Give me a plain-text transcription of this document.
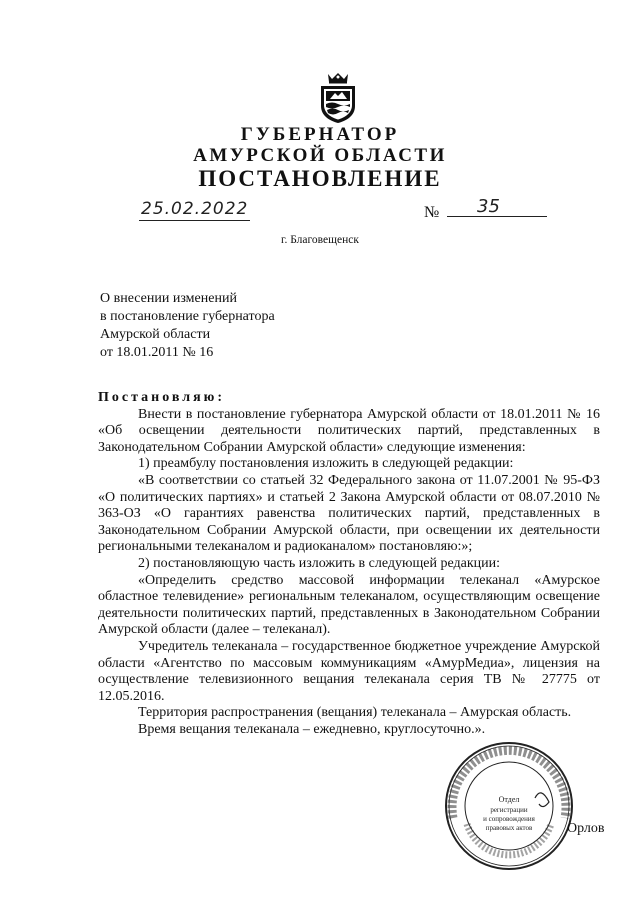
ГУБЕРНАТОР
АМУРСКОЙ ОБЛАСТИ
ПОСТАНОВЛЕНИЕ
25.02.2022	№ 35
г. Благовещенск
О внесении изменений
в постановление губернатора
Амурской области
от 18.01.2011 № 16

Постановляю:

Внести в постановление губернатора Амурской области от 18.01.2011 № 16 «Об освещении деятельности политических партий, представленных в Законодательном Собрании Амурской области» следующие изменения:

1) преамбулу постановления изложить в следующей редакции:

«В соответствии со статьей 32 Федерального закона от 11.07.2001 № 95-ФЗ «О политических партиях» и статьей 2 Закона Амурской области от 08.07.2010 № 363-ОЗ «О гарантиях равенства политических партий, представленных в Законодательном Собрании Амурской области, при освещении их деятельности региональными телеканалом и радиоканалом» постановляю:»;

2) постановляющую часть изложить в следующей редакции:

«Определить средство массовой информации телеканал «Амурское областное телевидение» региональным телеканалом, осуществляющим освещение деятельности политических партий, представленных в Законодательном Собрании Амурской области (далее – телеканал).

Учредитель телеканала – государственное бюджетное учреждение Амурской области «Агентство по массовым коммуникациям «АмурМедиа», лицензия на осуществление телевизионного вещания телеканала серия ТВ № 27775 от 12.05.2016.

Территория распространения (вещания) телеканала – Амурская область.

Время вещания телеканала – ежедневно, круглосуточно.».

Отдел
регистрации
и сопровождения
правовых актов Орлов
